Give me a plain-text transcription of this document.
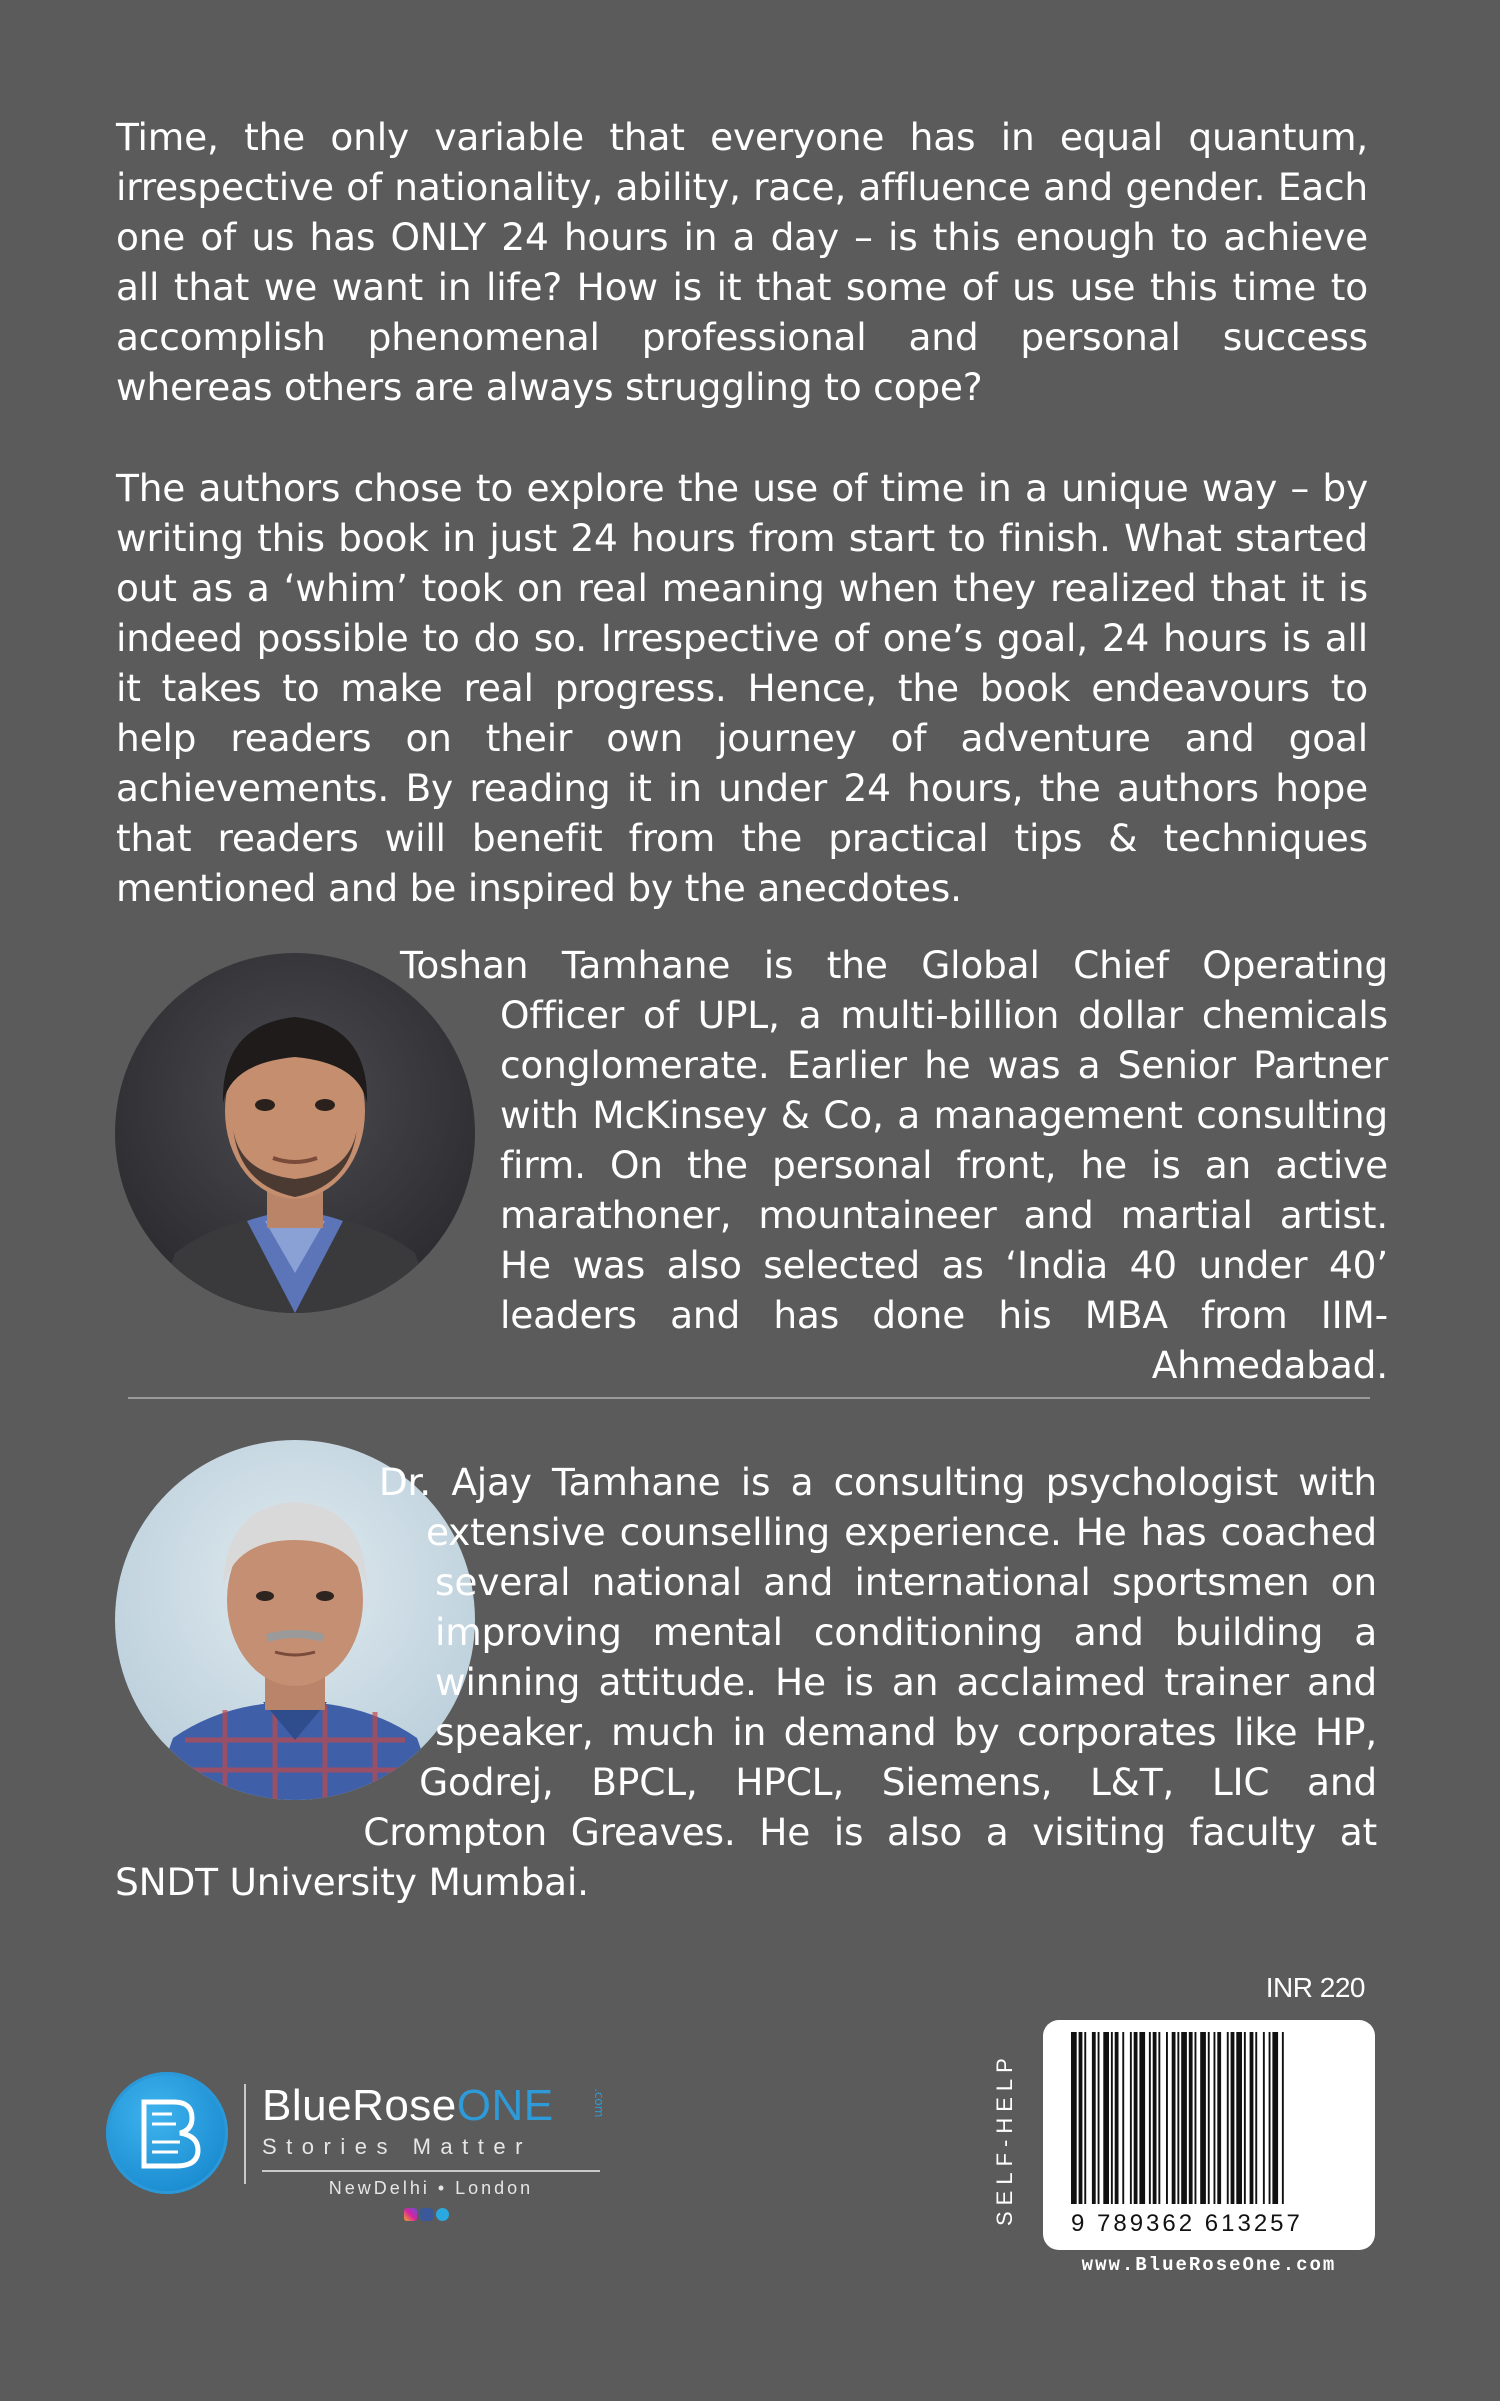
Time, the only variable that everyone has in equal quantum, irrespective of nationality, ability, race, affluence and gender. Each one of us has ONLY 24 hours in a day – is this enough to achieve all that we want in life? How is it that some of us use this time to accomplish phenomenal professional and personal success whereas others are always struggling to cope?

The authors chose to explore the use of time in a unique way – by writing this book in just 24 hours from start to finish. What started out as a ‘whim’ took on real meaning when they realized that it is indeed possible to do so. Irrespective of one’s goal, 24 hours is all it takes to make real progress. Hence, the book endeavours to help readers on their own journey of adventure and goal achievements. By reading it in under 24 hours, the authors hope that readers will benefit from the practical tips & techniques mentioned and be inspired by the anecdotes.

Toshan Tamhane is the Global Chief Operating Officer of UPL, a multi-billion dollar chemicals conglomerate. Earlier he was a Senior Partner with McKinsey & Co, a management consulting firm. On the personal front, he is an active marathoner, mountaineer and martial artist. He was also selected as ‘India 40 under 40’ leaders and has done his MBA from IIM-Ahmedabad.
Dr. Ajay Tamhane is a consulting psychologist with extensive counselling experience. He has coached several national and international sportsmen on improving mental conditioning and building a winning attitude. He is an acclaimed trainer and speaker, much in demand by corporates like HP, Godrej, BPCL, HPCL, Siemens, L&T, LIC and Crompton Greaves. He is also a visiting faculty at SNDT University Mumbai.
BlueRoseONE	.com
Stories Matter
NewDelhi • London	SELF-HELP
INR 220
9 789362 613257
www.BlueRoseOne.com
